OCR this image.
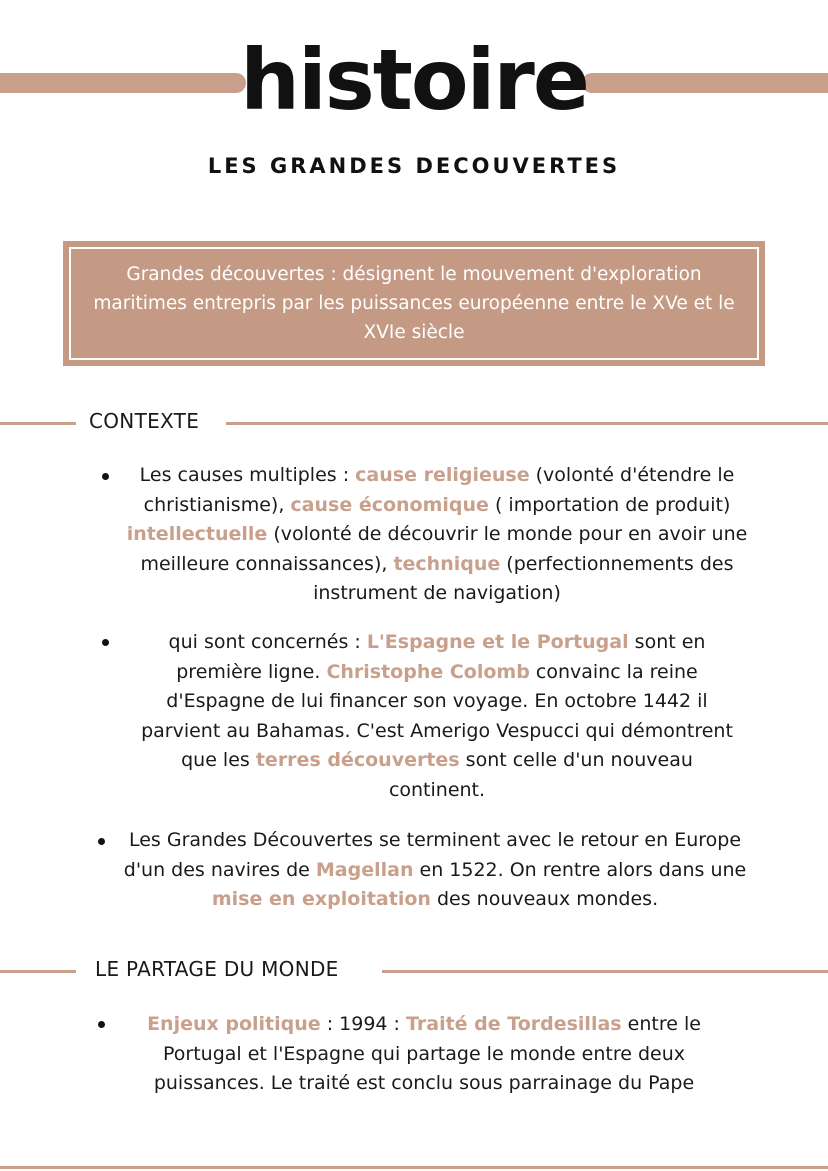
histoire
LES GRANDES DECOUVERTES
Grandes découvertes : désignent le mouvement d'exploration maritimes entrepris par les puissances européenne entre le XVe et le XVIe siècle
CONTEXTE
Les causes multiples : cause religieuse (volonté d'étendre le christianisme), cause économique ( importation de produit) intellectuelle (volonté de découvrir le monde pour en avoir une meilleure connaissances), technique (perfectionnements des instrument de navigation)
qui sont concernés : L'Espagne et le Portugal sont en première ligne. Christophe Colomb convainc la reine d'Espagne de lui financer son voyage. En octobre 1442 il parvient au Bahamas. C'est Amerigo Vespucci qui démontrent que les terres découvertes sont celle d'un nouveau continent.
Les Grandes Découvertes se terminent avec le retour en Europe d'un des navires de Magellan en 1522. On rentre alors dans une mise en exploitation des nouveaux mondes.
LE PARTAGE DU MONDE
Enjeux politique : 1994 : Traité de Tordesillas entre le Portugal et l'Espagne qui partage le monde entre deux puissances. Le traité est conclu sous parrainage du Pape
